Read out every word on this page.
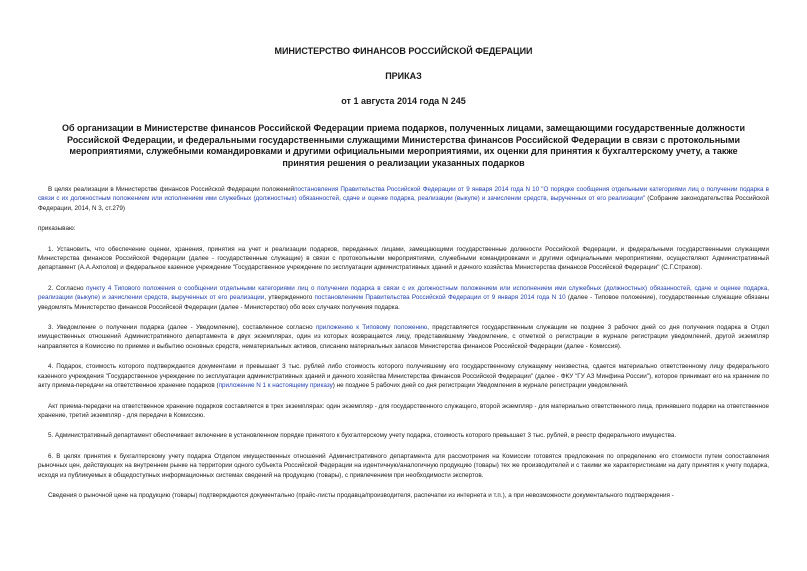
МИНИСТЕРСТВО ФИНАНСОВ РОССИЙСКОЙ ФЕДЕРАЦИИ
ПРИКАЗ
от 1 августа 2014 года N 245
Об организации в Министерстве финансов Российской Федерации приема подарков, полученных лицами, замещающими государственные должности Российской Федерации, и федеральными государственными служащими Министерства финансов Российской Федерации в связи с протокольными мероприятиями, служебными командировками и другими официальными мероприятиями, их оценки для принятия к бухгалтерскому учету, а также принятия решения о реализации указанных подарков

В целях реализации в Министерстве финансов Российской Федерации положенийпостановления Правительства Российской Федерации от 9 января 2014 года N 10 "О порядке сообщения отдельными категориями лиц о получении подарка в связи с их должностным положением или исполнением ими служебных (должностных) обязанностей, сдаче и оценке подарка, реализации (выкупе) и зачислении средств, вырученных от его реализации" (Собрание законодательства Российской Федерации, 2014, N 3, ст.279)

приказываю:

1. Установить, что обеспечение оценки, хранения, принятия на учет и реализации подарков, переданных лицами, замещающими государственные должности Российской Федерации, и федеральными государственными служащими Министерства финансов Российской Федерации (далее - государственные служащие) в связи с протокольными мероприятиями, служебными командировками и другими официальными мероприятиями, осуществляют Административный департамент (А.А.Ахполов) и федеральное казенное учреждение "Государственное учреждение по эксплуатации административных зданий и дачного хозяйства Министерства финансов Российской Федерации" (С.Г.Страхов).

2. Согласно пункту 4 Типового положения о сообщении отдельными категориями лиц о получении подарка в связи с их должностным положением или исполнением ими служебных (должностных) обязанностей, сдаче и оценке подарка, реализации (выкупе) и зачислении средств, вырученных от его реализации, утвержденного постановлением Правительства Российской Федерации от 9 января 2014 года N 10 (далее - Типовое положение), государственные служащие обязаны уведомлять Министерство финансов Российской Федерации (далее - Министерство) обо всех случаях получения подарка.

3. Уведомление о получении подарка (далее - Уведомление), составленное согласно приложению к Типовому положению, представляется государственным служащим не позднее 3 рабочих дней со дня получения подарка в Отдел имущественных отношений Административного департамента в двух экземплярах, один из которых возвращается лицу, представившему Уведомление, с отметкой о регистрации в журнале регистрации уведомлений, другой экземпляр направляется в Комиссию по приемке и выбытию основных средств, нематериальных активов, списанию материальных запасов Министерства финансов Российской Федерации (далее - Комиссия).

4. Подарок, стоимость которого подтверждается документами и превышает 3 тыс. рублей либо стоимость которого получившему его государственному служащему неизвестна, сдается материально ответственному лицу федерального казенного учреждения "Государственное учреждение по эксплуатации административных зданий и дачного хозяйства Министерства финансов Российской Федерации" (далее - ФКУ "ГУ АЗ Минфина России"), которое принимает его на хранение по акту приема-передачи на ответственное хранение подарков (приложение N 1 к настоящему приказу) не позднее 5 рабочих дней со дня регистрации Уведомления в журнале регистрации уведомлений.

Акт приема-передачи на ответственное хранение подарков составляется в трех экземплярах: один экземпляр - для государственного служащего, второй экземпляр - для материально ответственного лица, принявшего подарки на ответственное хранение, третий экземпляр - для передачи в Комиссию.

5. Административный департамент обеспечивает включение в установленном порядке принятого к бухгалтерскому учету подарка, стоимость которого превышает 3 тыс. рублей, в реестр федерального имущества.

6. В целях принятия к бухгалтерскому учету подарка Отделом имущественных отношений Административного департамента для рассмотрения на Комиссии готовятся предложения по определению его стоимости путем сопоставления рыночных цен, действующих на внутреннем рынке на территории одного субъекта Российской Федерации на идентичную/аналогичную продукцию (товары) тех же производителей и с такими же характеристиками на дату принятия к учету подарка, исходя из публикуемых в общедоступных информационных системах сведений на продукцию (товары), с привлечением при необходимости экспертов.

Сведения о рыночной цене на продукцию (товары) подтверждаются документально (прайс-листы продавца/производителя, распечатки из интернета и т.п.), а при невозможности документального подтверждения -
